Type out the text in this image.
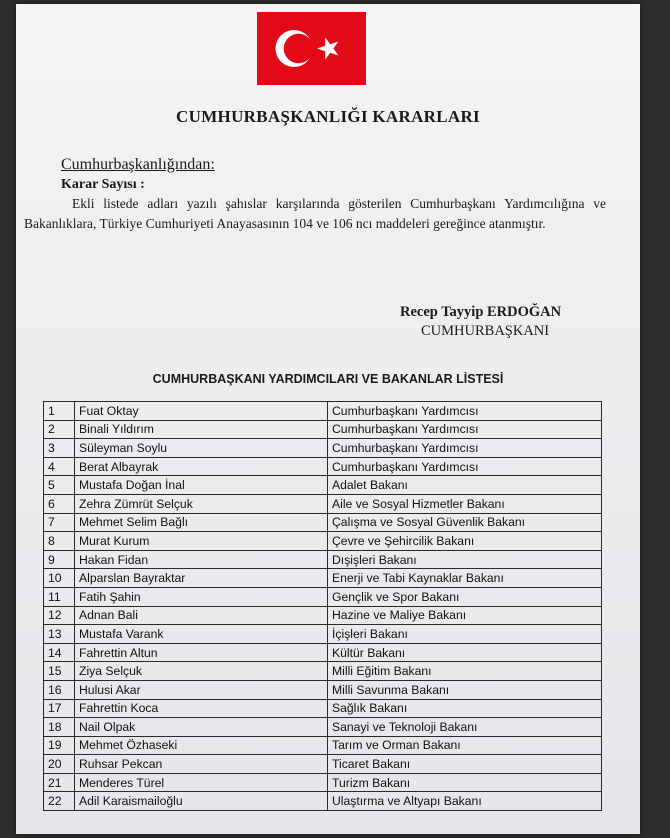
CUMHURBAŞKANLIĞI KARARLARI
Cumhurbaşkanlığından:
Karar Sayısı :
Ekli listede adları yazılı şahıslar karşılarında gösterilen Cumhurbaşkanı Yardımcılığına ve Bakanlıklara, Türkiye Cumhuriyeti Anayasasının 104 ve 106 ncı maddeleri gereğince atanmıştır.
Recep Tayyip ERDOĞAN
CUMHURBAŞKANI
CUMHURBAŞKANI YARDIMCILARI VE BAKANLAR LİSTESİ
1	Fuat Oktay	Cumhurbaşkanı Yardımcısı
2	Binali Yıldırım	Cumhurbaşkanı Yardımcısı
3	Süleyman Soylu	Cumhurbaşkanı Yardımcısı
4	Berat Albayrak	Cumhurbaşkanı Yardımcısı
5	Mustafa Doğan İnal	Adalet Bakanı
6	Zehra Zümrüt Selçuk	Aile ve Sosyal Hizmetler Bakanı
7	Mehmet Selim Bağlı	Çalışma ve Sosyal Güvenlik Bakanı
8	Murat Kurum	Çevre ve Şehircilik Bakanı
9	Hakan Fidan	Dışişleri Bakanı
10	Alparslan Bayraktar	Enerji ve Tabi Kaynaklar Bakanı
11	Fatih Şahin	Gençlik ve Spor Bakanı
12	Adnan Bali	Hazine ve Maliye Bakanı
13	Mustafa Varank	İçişleri Bakanı
14	Fahrettin Altun	Kültür Bakanı
15	Ziya Selçuk	Milli Eğitim Bakanı
16	Hulusi Akar	Milli Savunma Bakanı
17	Fahrettin Koca	Sağlık Bakanı
18	Nail Olpak	Sanayi ve Teknoloji Bakanı
19	Mehmet Özhaseki	Tarım ve Orman Bakanı
20	Ruhsar Pekcan	Ticaret Bakanı
21	Menderes Türel	Turizm Bakanı
22	Adil Karaismailoğlu	Ulaştırma ve Altyapı Bakanı
